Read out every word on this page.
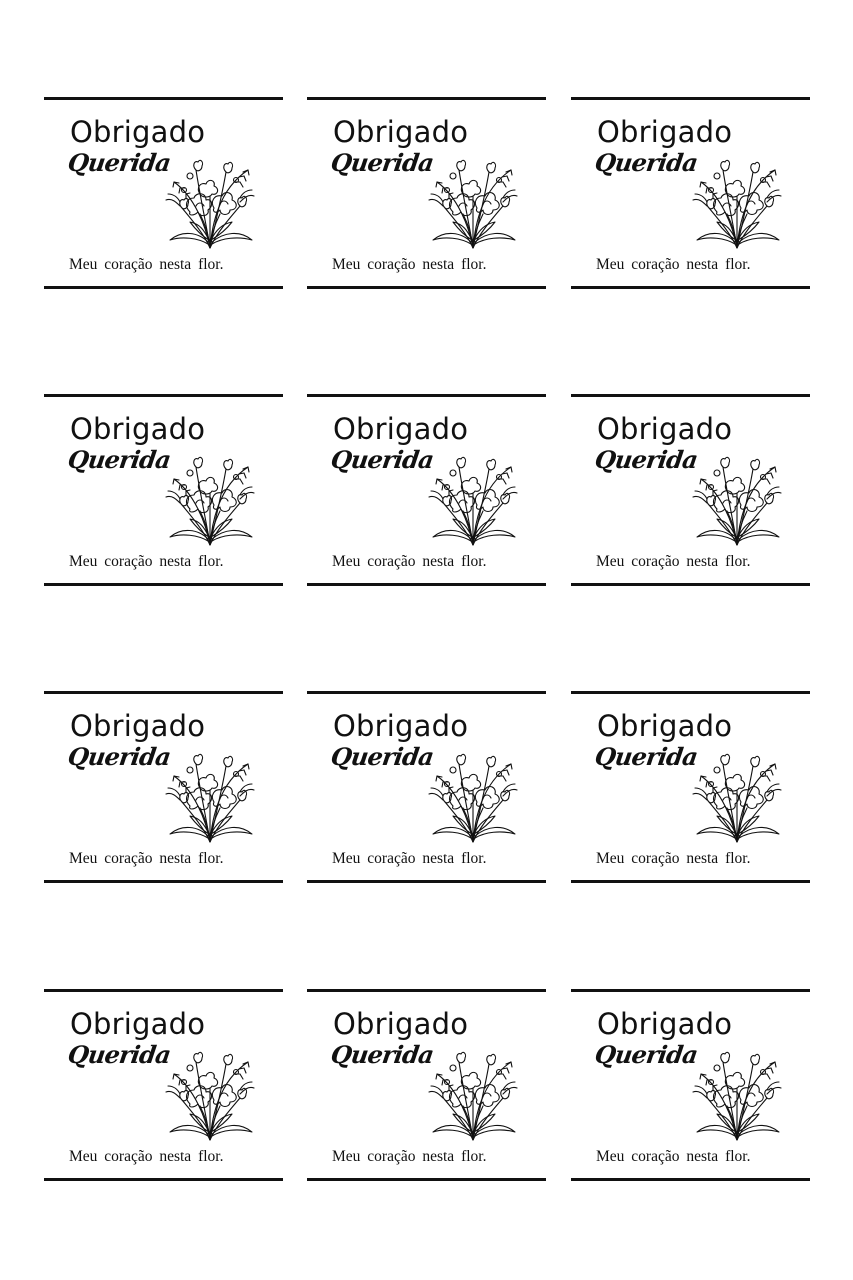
Obrigado
Querida
Meu coração nesta flor.
Obrigado
Querida
Meu coração nesta flor.
Obrigado
Querida
Meu coração nesta flor.
Obrigado
Querida
Meu coração nesta flor.
Obrigado
Querida
Meu coração nesta flor.
Obrigado
Querida
Meu coração nesta flor.
Obrigado
Querida
Meu coração nesta flor.
Obrigado
Querida
Meu coração nesta flor.
Obrigado
Querida
Meu coração nesta flor.
Obrigado
Querida
Meu coração nesta flor.
Obrigado
Querida
Meu coração nesta flor.
Obrigado
Querida
Meu coração nesta flor.
